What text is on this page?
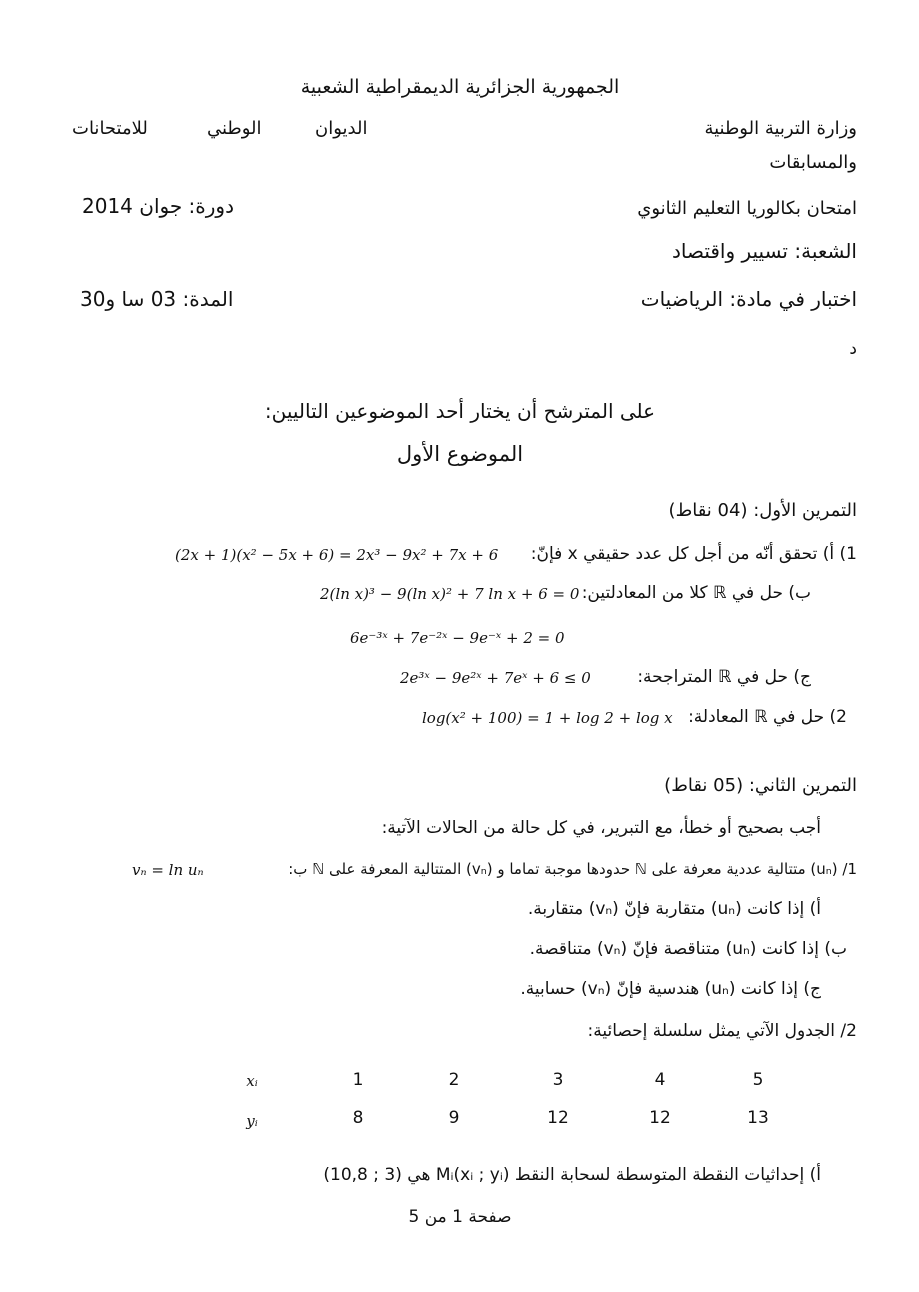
الجمهورية الجزائرية الديمقراطية الشعبية
وزارة التربية الوطنية
الديوان
الوطني
للامتحانات
والمسابقات
امتحان بكالوريا التعليم الثانوي
دورة: جوان 2014
الشعبة: تسيير واقتصاد
اختبار في مادة: الرياضيات
المدة: 03 سا و30
د
على المترشح أن يختار أحد الموضوعين التاليين:
الموضوع الأول
التمرين الأول: (04 نقاط)
1) أ) تحقق أنّه من أجل كل عدد حقيقي x فإنّ:
(2x + 1)(x² − 5x + 6) = 2x³ − 9x² + 7x + 6
ب) حل في ℝ كلا من المعادلتين:
2(ln x)³ − 9(ln x)² + 7 ln x + 6 = 0
6e⁻³ˣ + 7e⁻²ˣ − 9e⁻ˣ + 2 = 0
ج) حل في ℝ المتراجحة:
2e³ˣ − 9e²ˣ + 7eˣ + 6 ≤ 0
2) حل في ℝ المعادلة:
log(x² + 100) = 1 + log 2 + log x
التمرين الثاني: (05 نقاط)
أجب بصحيح أو خطأ، مع التبرير، في كل حالة من الحالات الآتية:
1/ (uₙ) متتالية عددية معرفة على ℕ حدودها موجبة تماما و (vₙ) المتتالية المعرفة على ℕ ب:
vₙ = ln uₙ
أ) إذا كانت (uₙ) متقاربة فإنّ (vₙ) متقاربة.
ب) إذا كانت (uₙ) متناقصة فإنّ (vₙ) متناقصة.
ج) إذا كانت (uₙ) هندسية فإنّ (vₙ) حسابية.
2/ الجدول الآتي يمثل سلسلة إحصائية:
xᵢ	1	2	3	4	5
yᵢ	8	9	12	12	13
أ) إحداثيات النقطة المتوسطة لسحابة النقط Mᵢ(xᵢ ; yᵢ) هي (3 ; 10,8)
صفحة 1 من 5
